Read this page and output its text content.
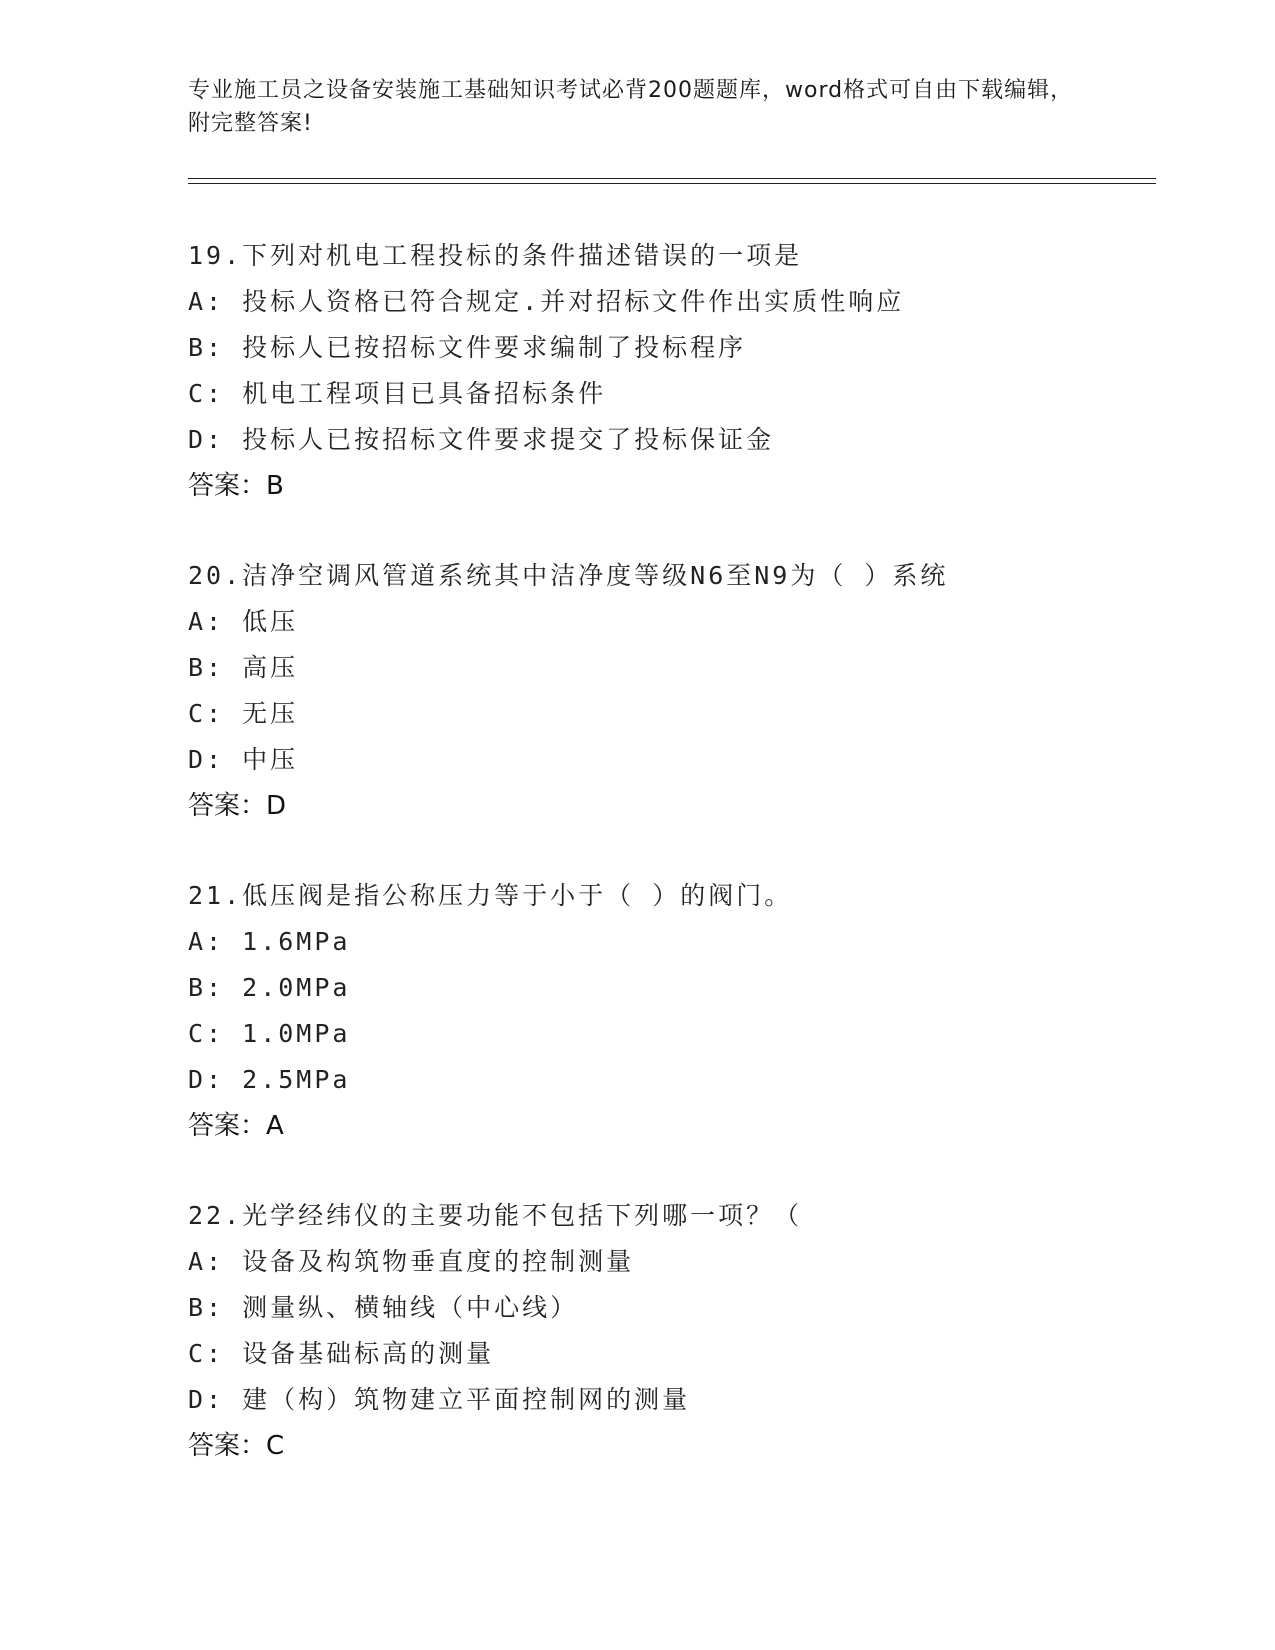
专业施工员之设备安装施工基础知识考试必背200题题库，word格式可自由下载编辑，附完整答案!
19.下列对机电工程投标的条件描述错误的一项是
A: 投标人资格已符合规定.并对招标文件作出实质性响应
B: 投标人已按招标文件要求编制了投标程序
C: 机电工程项目已具备招标条件
D: 投标人已按招标文件要求提交了投标保证金
答案：B
20.洁净空调风管道系统其中洁净度等级N6至N9为（ ）系统
A: 低压
B: 高压
C: 无压
D: 中压
答案：D
21.低压阀是指公称压力等于小于（ ）的阀门。
A: 1.6MPa
B: 2.0MPa
C: 1.0MPa
D: 2.5MPa
答案：A
22.光学经纬仪的主要功能不包括下列哪一项？（
A: 设备及构筑物垂直度的控制测量
B: 测量纵、横轴线（中心线）
C: 设备基础标高的测量
D: 建（构）筑物建立平面控制网的测量
答案：C
